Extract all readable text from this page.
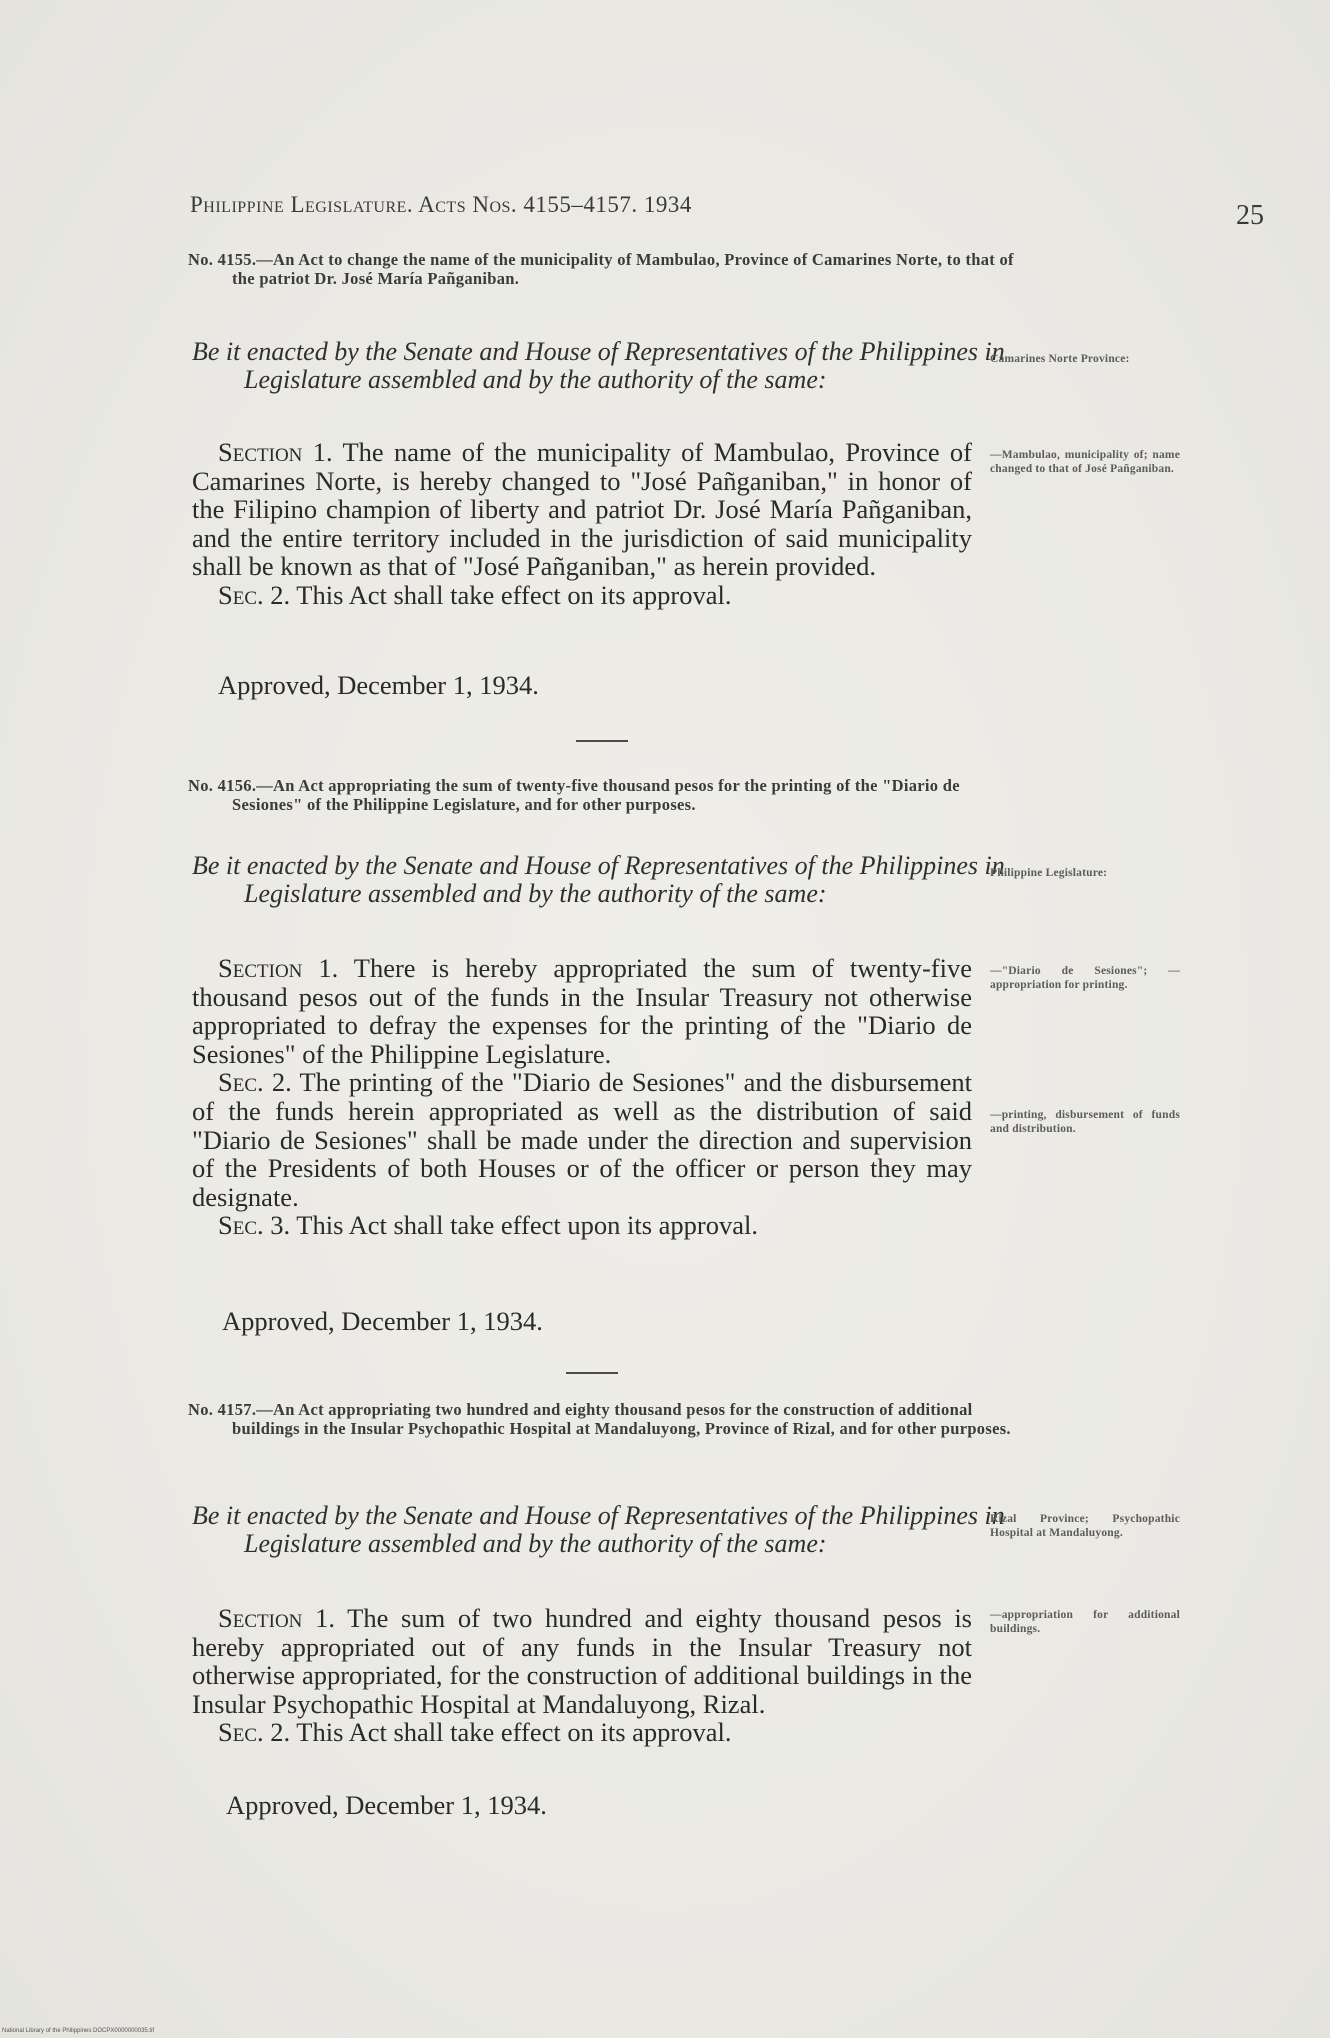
Philippine Legislature. Acts Nos. 4155–4157. 1934	25
No. 4155.—An Act to change the name of the municipality of Mambulao, Province of Camarines Norte, to that of the patriot Dr. José María Pañganiban.
Be it enacted by the Senate and House of Representatives of the Philippines in Legislature assembled and by the authority of the same:
Camarines Norte Province:

Section 1. The name of the municipality of Mambulao, Province of Camarines Norte, is hereby changed to "José Pañganiban," in honor of the Filipino champion of liberty and patriot Dr. José María Pañganiban, and the entire territory included in the jurisdiction of said municipality shall be known as that of "José Pañganiban," as herein provided.

Sec. 2. This Act shall take effect on its approval.

—Mambulao, municipality of; name changed to that of José Pañganiban.
Approved, December 1, 1934.
No. 4156.—An Act appropriating the sum of twenty-five thousand pesos for the printing of the "Diario de Sesiones" of the Philippine Legislature, and for other purposes.
Be it enacted by the Senate and House of Representatives of the Philippines in Legislature assembled and by the authority of the same:
Philippine Legislature:

Section 1. There is hereby appropriated the sum of twenty-five thousand pesos out of the funds in the Insular Treasury not otherwise appropriated to defray the expenses for the printing of the "Diario de Sesiones" of the Philippine Legislature.

Sec. 2. The printing of the "Diario de Sesiones" and the disbursement of the funds herein appropriated as well as the distribution of said "Diario de Sesiones" shall be made under the direction and supervision of the Presidents of both Houses or of the officer or person they may designate.

Sec. 3. This Act shall take effect upon its approval.

—"Diario de Sesiones"; —appropriation for printing.
—printing, disbursement of funds and distribution.
Approved, December 1, 1934.
No. 4157.—An Act appropriating two hundred and eighty thousand pesos for the construction of additional buildings in the Insular Psychopathic Hospital at Mandaluyong, Province of Rizal, and for other purposes.
Be it enacted by the Senate and House of Representatives of the Philippines in Legislature assembled and by the authority of the same:
Rizal Province; Psychopathic Hospital at Mandaluyong.

Section 1. The sum of two hundred and eighty thousand pesos is hereby appropriated out of any funds in the Insular Treasury not otherwise appropriated, for the construction of additional buildings in the Insular Psychopathic Hospital at Mandaluyong, Rizal.

Sec. 2. This Act shall take effect on its approval.

—appropriation for additional buildings.
Approved, December 1, 1934.
National Library of the Philippines DOCPX0000000035.tif
